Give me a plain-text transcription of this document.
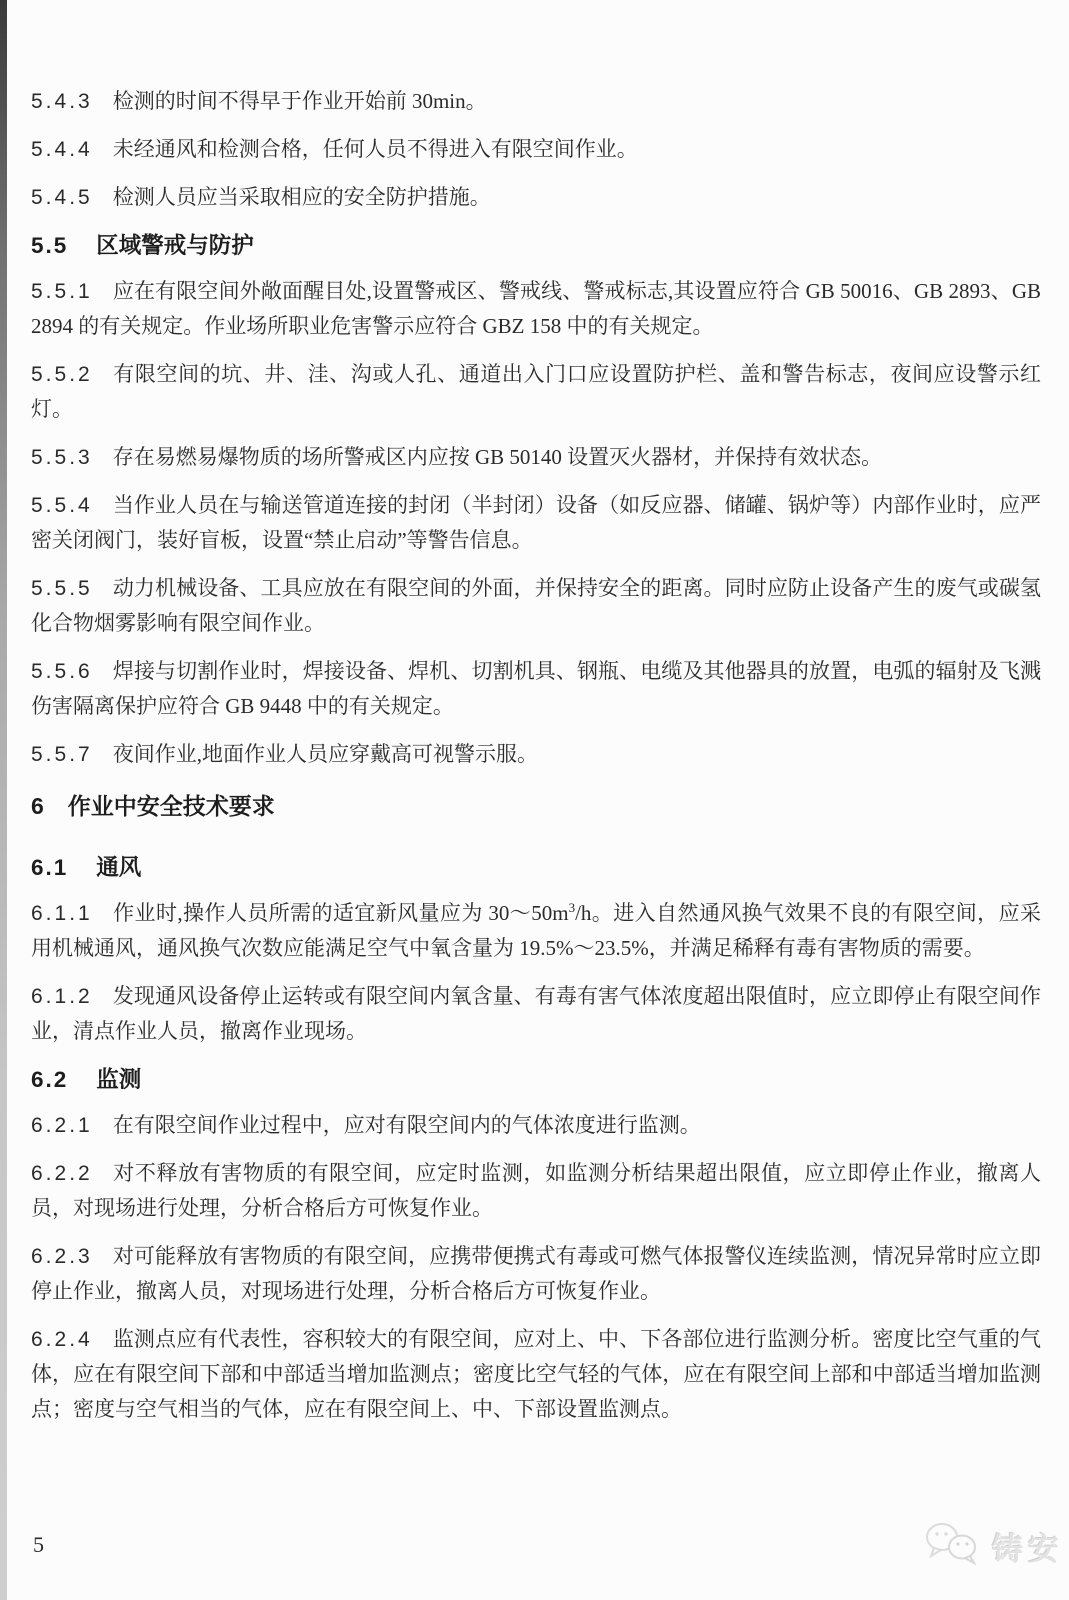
5.4.3 检测的时间不得早于作业开始前 30min。

5.4.4 未经通风和检测合格，任何人员不得进入有限空间作业。

5.4.5 检测人员应当采取相应的安全防护措施。

5.5 区域警戒与防护

5.5.1 应在有限空间外敞面醒目处,设置警戒区、警戒线、警戒标志,其设置应符合 GB 50016、GB 2893、GB 2894 的有关规定。作业场所职业危害警示应符合 GBZ 158 中的有关规定。

5.5.2 有限空间的坑、井、洼、沟或人孔、通道出入门口应设置防护栏、盖和警告标志，夜间应设警示红灯。

5.5.3 存在易燃易爆物质的场所警戒区内应按 GB 50140 设置灭火器材，并保持有效状态。

5.5.4 当作业人员在与输送管道连接的封闭（半封闭）设备（如反应器、储罐、锅炉等）内部作业时，应严密关闭阀门，装好盲板，设置“禁止启动”等警告信息。

5.5.5 动力机械设备、工具应放在有限空间的外面，并保持安全的距离。同时应防止设备产生的废气或碳氢化合物烟雾影响有限空间作业。

5.5.6 焊接与切割作业时，焊接设备、焊机、切割机具、钢瓶、电缆及其他器具的放置，电弧的辐射及飞溅伤害隔离保护应符合 GB 9448 中的有关规定。

5.5.7 夜间作业,地面作业人员应穿戴高可视警示服。

6 作业中安全技术要求
6.1 通风

6.1.1 作业时,操作人员所需的适宜新风量应为 $30\sim 50m^3/h$。进入自然通风换气效果不良的有限空间，应采用机械通风，通风换气次数应能满足空气中氧含量为 19.5%～23.5%，并满足稀释有毒有害物质的需要。

6.1.2 发现通风设备停止运转或有限空间内氧含量、有毒有害气体浓度超出限值时，应立即停止有限空间作业，清点作业人员，撤离作业现场。

6.2 监测

6.2.1 在有限空间作业过程中，应对有限空间内的气体浓度进行监测。

6.2.2 对不释放有害物质的有限空间，应定时监测，如监测分析结果超出限值，应立即停止作业，撤离人员，对现场进行处理，分析合格后方可恢复作业。

6.2.3 对可能释放有害物质的有限空间，应携带便携式有毒或可燃气体报警仪连续监测，情况异常时应立即停止作业，撤离人员，对现场进行处理，分析合格后方可恢复作业。

6.2.4 监测点应有代表性，容积较大的有限空间，应对上、中、下各部位进行监测分析。密度比空气重的气体，应在有限空间下部和中部适当增加监测点；密度比空气轻的气体，应在有限空间上部和中部适当增加监测点；密度与空气相当的气体，应在有限空间上、中、下部设置监测点。

5	铸安
